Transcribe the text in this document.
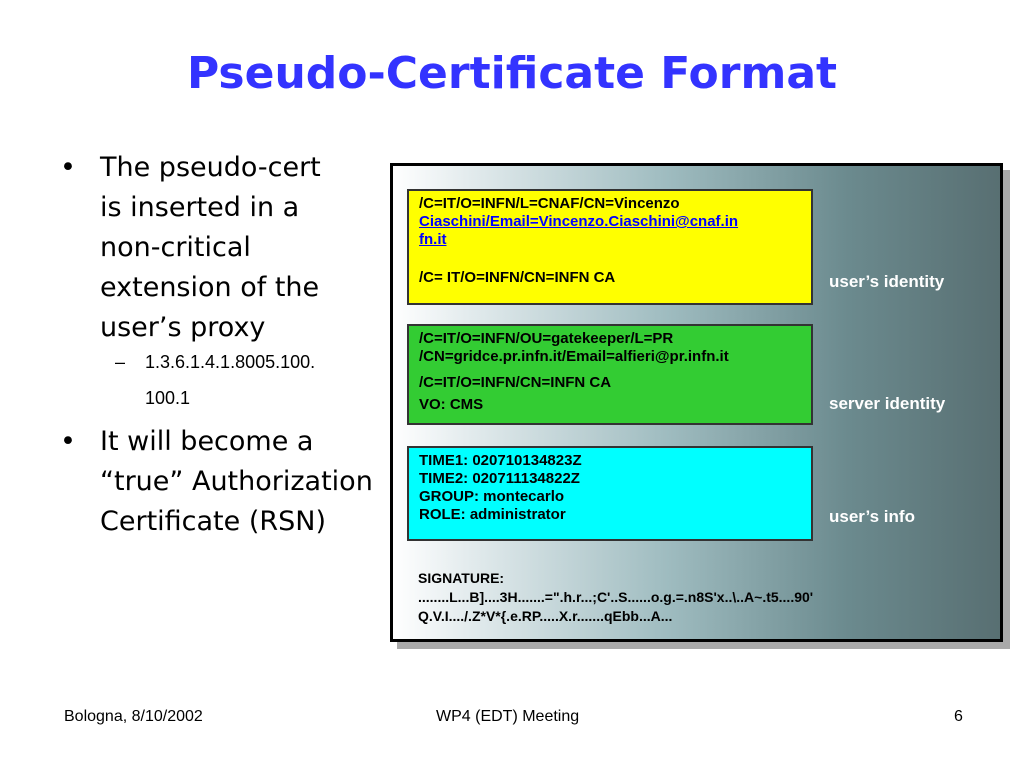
Pseudo-Certificate Format
• The pseudo-cert
is inserted in a
non-critical
extension of the
user’s proxy
– 1.3.6.1.4.1.8005.100.
100.1
• It will become a
“true” Authorization
Certificate (RSN)
/C=IT/O=INFN/L=CNAF/CN=Vincenzo
Ciaschini/Email=Vincenzo.Ciaschini@cnaf.in
fn.it
/C= IT/O=INFN/CN=INFN CA	user’s identity
/C=IT/O=INFN/OU=gatekeeper/L=PR
/CN=gridce.pr.infn.it/Email=alfieri@pr.infn.it
/C=IT/O=INFN/CN=INFN CA
VO: CMS	server identity
TIME1: 020710134823Z
TIME2: 020711134822Z
GROUP: montecarlo
ROLE: administrator	user’s info
SIGNATURE:
........L...B]....3H.......=".h.r...;C'..S......o.g.=.n8S'x..\..A~.t5....90'
Q.V.I..../.Z*V*{.e.RP.....X.r.......qEbb...A...
Bologna, 8/10/2002	WP4 (EDT) Meeting	6
